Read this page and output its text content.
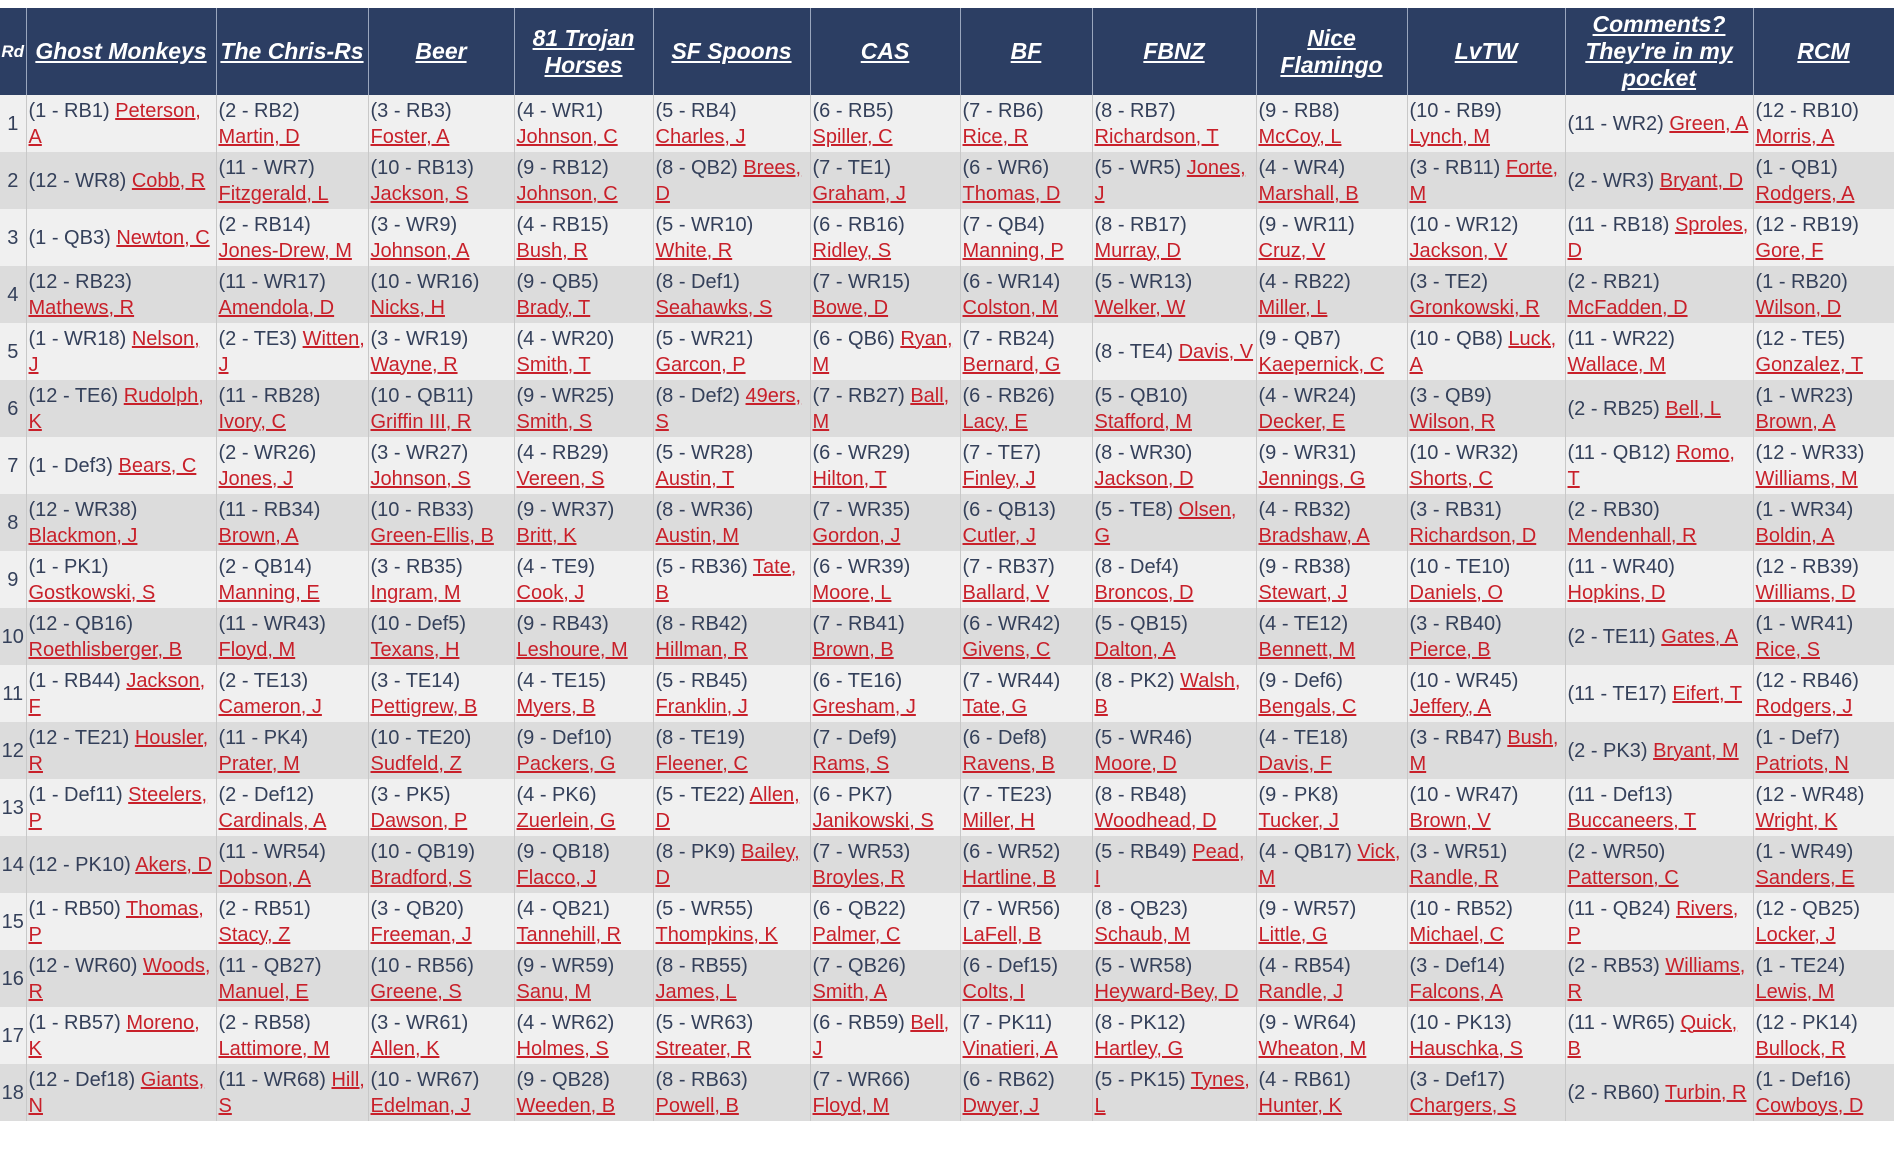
Rd	Ghost Monkeys	The Chris-Rs	Beer	81 Trojan Horses	SF Spoons	CAS	BF	FBNZ	Nice Flamingo	LvTW	Comments? They're in my pocket	RCM
1	(1 - RB1) Peterson, A	(2 - RB2) Martin, D	(3 - RB3) Foster, A	(4 - WR1) Johnson, C	(5 - RB4) Charles, J	(6 - RB5) Spiller, C	(7 - RB6) Rice, R	(8 - RB7) Richardson, T	(9 - RB8) McCoy, L	(10 - RB9) Lynch, M	(11 - WR2) Green, A	(12 - RB10) Morris, A
2	(12 - WR8) Cobb, R	(11 - WR7) Fitzgerald, L	(10 - RB13) Jackson, S	(9 - RB12) Johnson, C	(8 - QB2) Brees, D	(7 - TE1) Graham, J	(6 - WR6) Thomas, D	(5 - WR5) Jones, J	(4 - WR4) Marshall, B	(3 - RB11) Forte, M	(2 - WR3) Bryant, D	(1 - QB1) Rodgers, A
3	(1 - QB3) Newton, C	(2 - RB14) Jones-Drew, M	(3 - WR9) Johnson, A	(4 - RB15) Bush, R	(5 - WR10) White, R	(6 - RB16) Ridley, S	(7 - QB4) Manning, P	(8 - RB17) Murray, D	(9 - WR11) Cruz, V	(10 - WR12) Jackson, V	(11 - RB18) Sproles, D	(12 - RB19) Gore, F
4	(12 - RB23) Mathews, R	(11 - WR17) Amendola, D	(10 - WR16) Nicks, H	(9 - QB5) Brady, T	(8 - Def1) Seahawks, S	(7 - WR15) Bowe, D	(6 - WR14) Colston, M	(5 - WR13) Welker, W	(4 - RB22) Miller, L	(3 - TE2) Gronkowski, R	(2 - RB21) McFadden, D	(1 - RB20) Wilson, D
5	(1 - WR18) Nelson, J	(2 - TE3) Witten, J	(3 - WR19) Wayne, R	(4 - WR20) Smith, T	(5 - WR21) Garcon, P	(6 - QB6) Ryan, M	(7 - RB24) Bernard, G	(8 - TE4) Davis, V	(9 - QB7) Kaepernick, C	(10 - QB8) Luck, A	(11 - WR22) Wallace, M	(12 - TE5) Gonzalez, T
6	(12 - TE6) Rudolph, K	(11 - RB28) Ivory, C	(10 - QB11) Griffin III, R	(9 - WR25) Smith, S	(8 - Def2) 49ers, S	(7 - RB27) Ball, M	(6 - RB26) Lacy, E	(5 - QB10) Stafford, M	(4 - WR24) Decker, E	(3 - QB9) Wilson, R	(2 - RB25) Bell, L	(1 - WR23) Brown, A
7	(1 - Def3) Bears, C	(2 - WR26) Jones, J	(3 - WR27) Johnson, S	(4 - RB29) Vereen, S	(5 - WR28) Austin, T	(6 - WR29) Hilton, T	(7 - TE7) Finley, J	(8 - WR30) Jackson, D	(9 - WR31) Jennings, G	(10 - WR32) Shorts, C	(11 - QB12) Romo, T	(12 - WR33) Williams, M
8	(12 - WR38) Blackmon, J	(11 - RB34) Brown, A	(10 - RB33) Green-Ellis, B	(9 - WR37) Britt, K	(8 - WR36) Austin, M	(7 - WR35) Gordon, J	(6 - QB13) Cutler, J	(5 - TE8) Olsen, G	(4 - RB32) Bradshaw, A	(3 - RB31) Richardson, D	(2 - RB30) Mendenhall, R	(1 - WR34) Boldin, A
9	(1 - PK1) Gostkowski, S	(2 - QB14) Manning, E	(3 - RB35) Ingram, M	(4 - TE9) Cook, J	(5 - RB36) Tate, B	(6 - WR39) Moore, L	(7 - RB37) Ballard, V	(8 - Def4) Broncos, D	(9 - RB38) Stewart, J	(10 - TE10) Daniels, O	(11 - WR40) Hopkins, D	(12 - RB39) Williams, D
10	(12 - QB16) Roethlisberger, B	(11 - WR43) Floyd, M	(10 - Def5) Texans, H	(9 - RB43) Leshoure, M	(8 - RB42) Hillman, R	(7 - RB41) Brown, B	(6 - WR42) Givens, C	(5 - QB15) Dalton, A	(4 - TE12) Bennett, M	(3 - RB40) Pierce, B	(2 - TE11) Gates, A	(1 - WR41) Rice, S
11	(1 - RB44) Jackson, F	(2 - TE13) Cameron, J	(3 - TE14) Pettigrew, B	(4 - TE15) Myers, B	(5 - RB45) Franklin, J	(6 - TE16) Gresham, J	(7 - WR44) Tate, G	(8 - PK2) Walsh, B	(9 - Def6) Bengals, C	(10 - WR45) Jeffery, A	(11 - TE17) Eifert, T	(12 - RB46) Rodgers, J
12	(12 - TE21) Housler, R	(11 - PK4) Prater, M	(10 - TE20) Sudfeld, Z	(9 - Def10) Packers, G	(8 - TE19) Fleener, C	(7 - Def9) Rams, S	(6 - Def8) Ravens, B	(5 - WR46) Moore, D	(4 - TE18) Davis, F	(3 - RB47) Bush, M	(2 - PK3) Bryant, M	(1 - Def7) Patriots, N
13	(1 - Def11) Steelers, P	(2 - Def12) Cardinals, A	(3 - PK5) Dawson, P	(4 - PK6) Zuerlein, G	(5 - TE22) Allen, D	(6 - PK7) Janikowski, S	(7 - TE23) Miller, H	(8 - RB48) Woodhead, D	(9 - PK8) Tucker, J	(10 - WR47) Brown, V	(11 - Def13) Buccaneers, T	(12 - WR48) Wright, K
14	(12 - PK10) Akers, D	(11 - WR54) Dobson, A	(10 - QB19) Bradford, S	(9 - QB18) Flacco, J	(8 - PK9) Bailey, D	(7 - WR53) Broyles, R	(6 - WR52) Hartline, B	(5 - RB49) Pead, I	(4 - QB17) Vick, M	(3 - WR51) Randle, R	(2 - WR50) Patterson, C	(1 - WR49) Sanders, E
15	(1 - RB50) Thomas, P	(2 - RB51) Stacy, Z	(3 - QB20) Freeman, J	(4 - QB21) Tannehill, R	(5 - WR55) Thompkins, K	(6 - QB22) Palmer, C	(7 - WR56) LaFell, B	(8 - QB23) Schaub, M	(9 - WR57) Little, G	(10 - RB52) Michael, C	(11 - QB24) Rivers, P	(12 - QB25) Locker, J
16	(12 - WR60) Woods, R	(11 - QB27) Manuel, E	(10 - RB56) Greene, S	(9 - WR59) Sanu, M	(8 - RB55) James, L	(7 - QB26) Smith, A	(6 - Def15) Colts, I	(5 - WR58) Heyward-Bey, D	(4 - RB54) Randle, J	(3 - Def14) Falcons, A	(2 - RB53) Williams, R	(1 - TE24) Lewis, M
17	(1 - RB57) Moreno, K	(2 - RB58) Lattimore, M	(3 - WR61) Allen, K	(4 - WR62) Holmes, S	(5 - WR63) Streater, R	(6 - RB59) Bell, J	(7 - PK11) Vinatieri, A	(8 - PK12) Hartley, G	(9 - WR64) Wheaton, M	(10 - PK13) Hauschka, S	(11 - WR65) Quick, B	(12 - PK14) Bullock, R
18	(12 - Def18) Giants, N	(11 - WR68) Hill, S	(10 - WR67) Edelman, J	(9 - QB28) Weeden, B	(8 - RB63) Powell, B	(7 - WR66) Floyd, M	(6 - RB62) Dwyer, J	(5 - PK15) Tynes, L	(4 - RB61) Hunter, K	(3 - Def17) Chargers, S	(2 - RB60) Turbin, R	(1 - Def16) Cowboys, D
